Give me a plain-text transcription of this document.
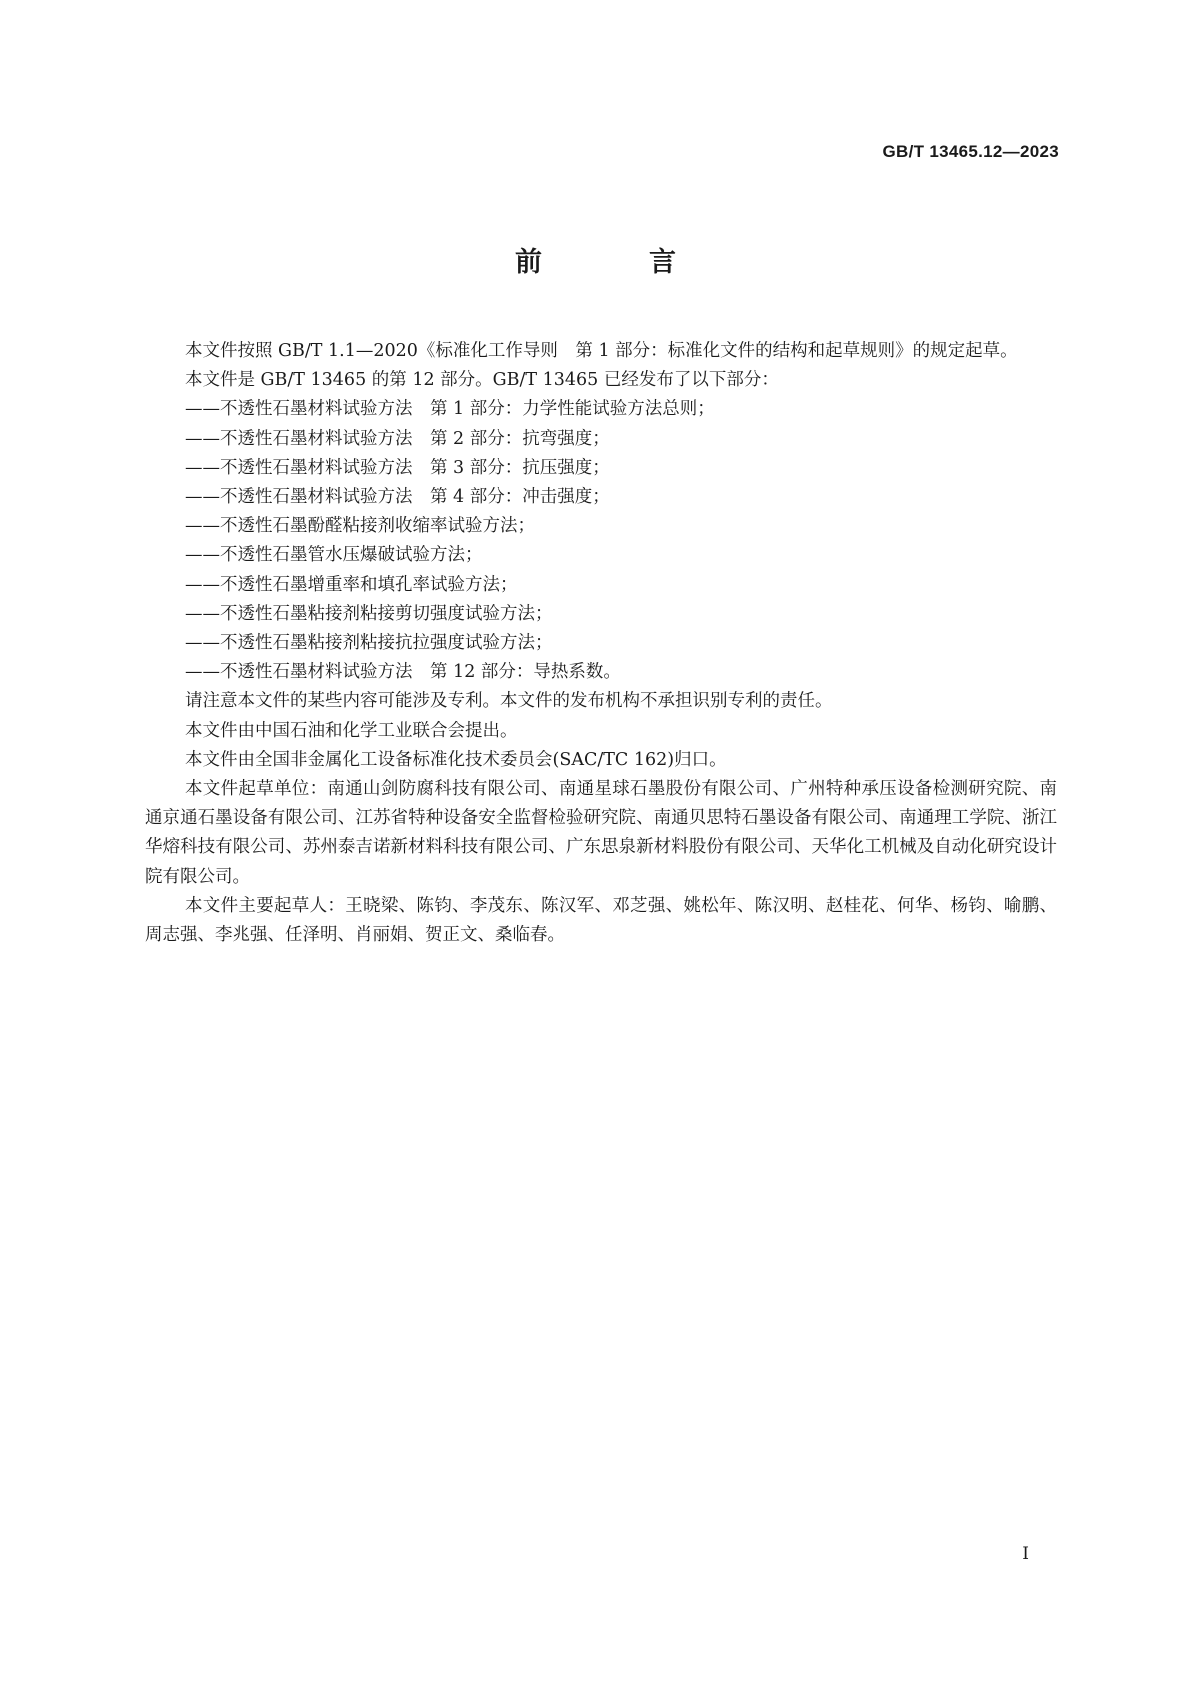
GB/T 13465.12—2023
前　言

本文件按照 GB/T 1.1—2020《标准化工作导则　第 1 部分：标准化文件的结构和起草规则》的规定起草。

本文件是 GB/T 13465 的第 12 部分。GB/T 13465 已经发布了以下部分：

——不透性石墨材料试验方法　第 1 部分：力学性能试验方法总则；

——不透性石墨材料试验方法　第 2 部分：抗弯强度；

——不透性石墨材料试验方法　第 3 部分：抗压强度；

——不透性石墨材料试验方法　第 4 部分：冲击强度；

——不透性石墨酚醛粘接剂收缩率试验方法；

——不透性石墨管水压爆破试验方法；

——不透性石墨增重率和填孔率试验方法；

——不透性石墨粘接剂粘接剪切强度试验方法；

——不透性石墨粘接剂粘接抗拉强度试验方法；

——不透性石墨材料试验方法　第 12 部分：导热系数。

请注意本文件的某些内容可能涉及专利。本文件的发布机构不承担识别专利的责任。

本文件由中国石油和化学工业联合会提出。

本文件由全国非金属化工设备标准化技术委员会(SAC/TC 162)归口。

本文件起草单位：南通山剑防腐科技有限公司、南通星球石墨股份有限公司、广州特种承压设备检测研究院、南通京通石墨设备有限公司、江苏省特种设备安全监督检验研究院、南通贝思特石墨设备有限公司、南通理工学院、浙江华熔科技有限公司、苏州泰吉诺新材料科技有限公司、广东思泉新材料股份有限公司、天华化工机械及自动化研究设计院有限公司。

本文件主要起草人：王晓梁、陈钧、李茂东、陈汉军、邓芝强、姚松年、陈汉明、赵桂花、何华、杨钧、喻鹏、周志强、李兆强、任泽明、肖丽娟、贺正文、桑临春。

I
